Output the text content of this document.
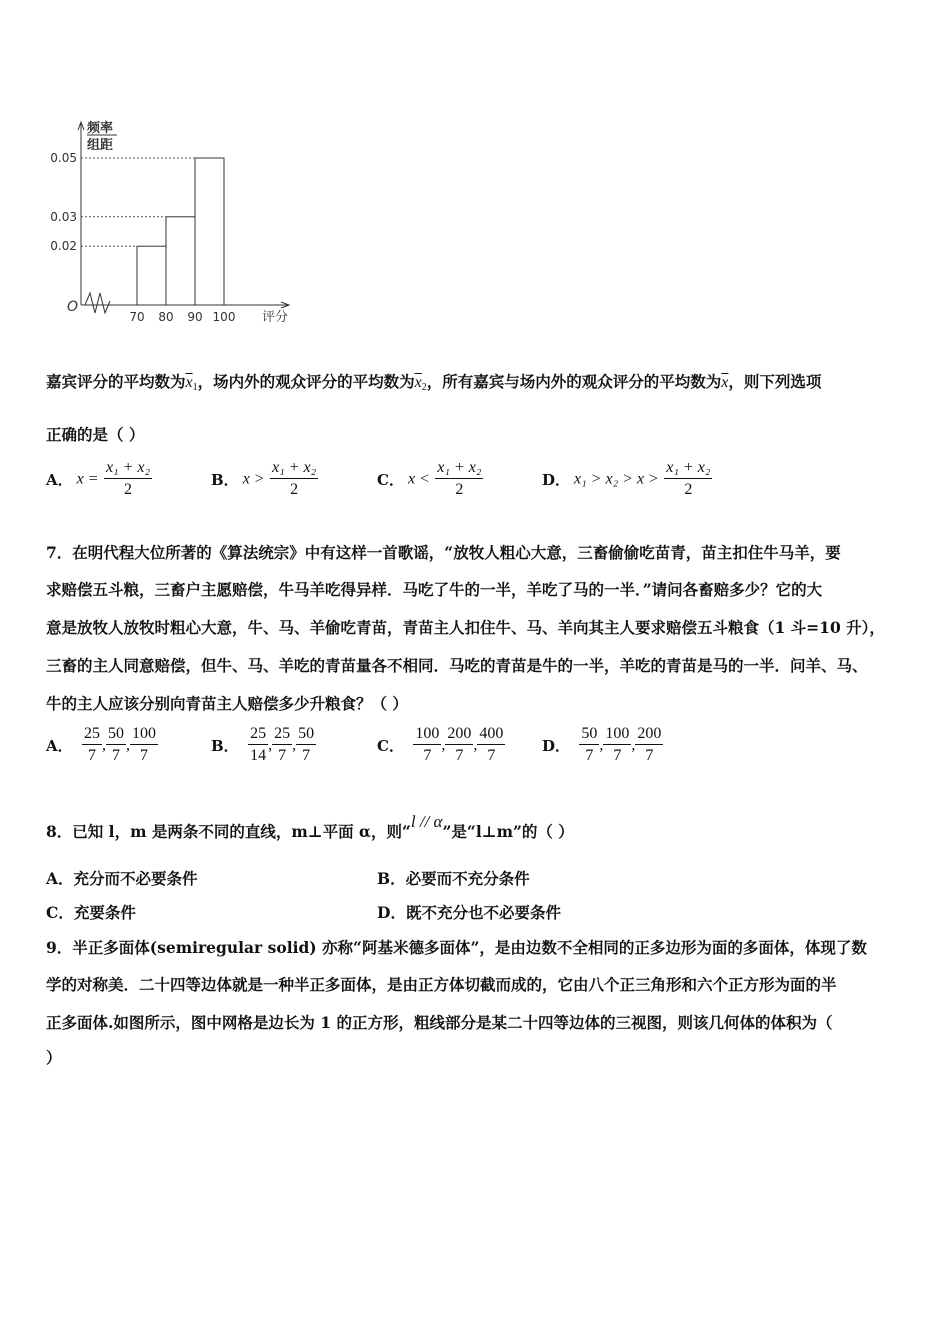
0.05
0.03
0.02
70 80 90 100 评分
频率
组距
O
嘉宾评分的平均数为$\overline{x}_1$，场内外的观众评分的平均数为$\overline{x}_2$，所有嘉宾与场内外的观众评分的平均数为$\overline{x}$，则下列选项
正确的是（ ）
A． $x = \frac{\text{x₁ + x₂}}{2}$	B． $x > \frac{\text{x₁ + x₂}}{2}$	C． $x < \frac{\text{x₁ + x₂}}{2}$	D． $x_1 > x_2 > x > \frac{\text{x₁ + x₂}}{2}$
7．在明代程大位所著的《算法统宗》中有这样一首歌谣，“放牧人粗心大意，三畜偷偷吃苗青，苗主扣住牛马羊，要
求赔偿五斗粮，三畜户主愿赔偿，牛马羊吃得异样．马吃了牛的一半，羊吃了马的一半．”请问各畜赔多少？它的大
意是放牧人放牧时粗心大意，牛、马、羊偷吃青苗，青苗主人扣住牛、马、羊向其主人要求赔偿五斗粮食（1 斗=10 升），
三畜的主人同意赔偿，但牛、马、羊吃的青苗量各不相同．马吃的青苗是牛的一半，羊吃的青苗是马的一半．问羊、马、
牛的主人应该分别向青苗主人赔偿多少升粮食？（ ）
A． $\frac{25}{7}$ , $\frac{50}{7}$ , $\frac{100}{7}$	B． $\frac{25}{14}$ , $\frac{25}{7}$ , $\frac{50}{7}$	C． $\frac{100}{7}$ , $\frac{200}{7}$ , $\frac{400}{7}$ D． $\frac{50}{7}$ , $\frac{100}{7}$ , $\frac{200}{7}$
8．已知 l，m 是两条不同的直线，m⊥平面 α，则“l // α”是“l⊥m”的（ ）
A．充分而不必要条件	B．必要而不充分条件
C．充要条件	D．既不充分也不必要条件
9．半正多面体(semiregular solid) 亦称“阿基米德多面体”，是由边数不全相同的正多边形为面的多面体，体现了数
学的对称美．二十四等边体就是一种半正多面体，是由正方体切截而成的，它由八个正三角形和六个正方形为面的半
正多面体.如图所示，图中网格是边长为 1 的正方形，粗线部分是某二十四等边体的三视图，则该几何体的体积为（
）
